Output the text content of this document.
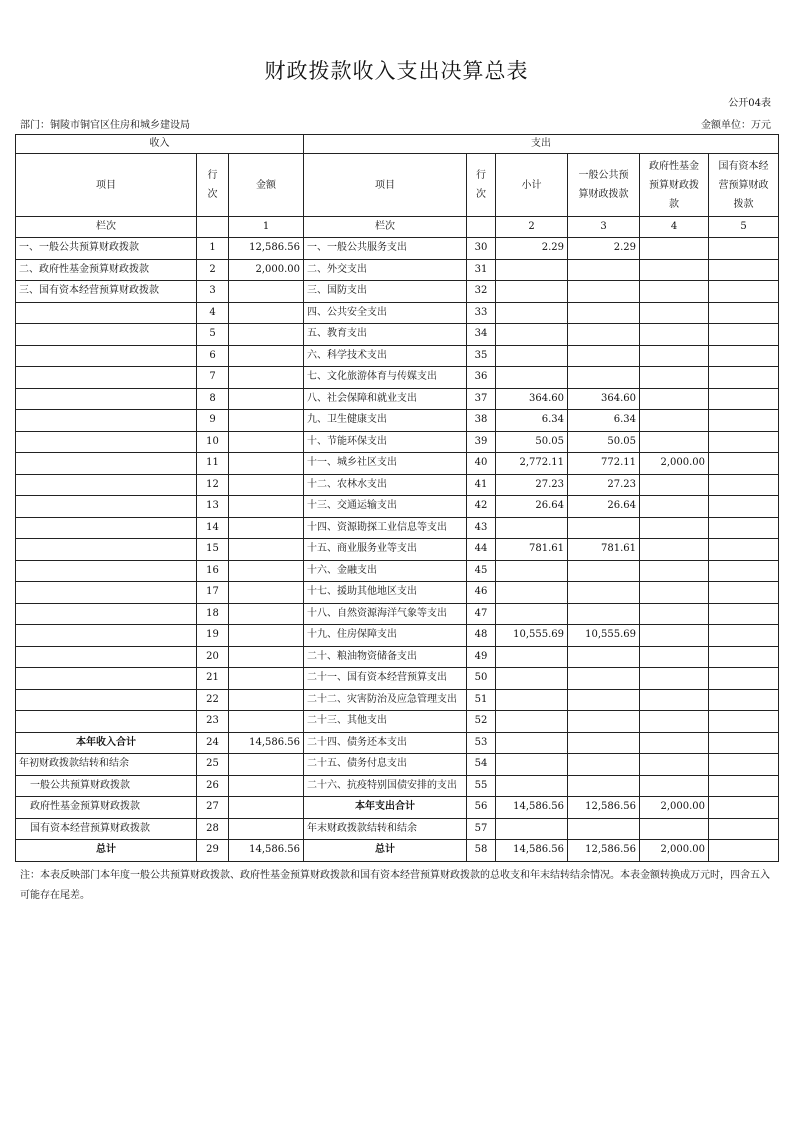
财政拨款收入支出决算总表
公开04表
部门：铜陵市铜官区住房和城乡建设局	金额单位：万元
收入			支出					
项目	行次	金额	项目	行次	小计	一般公共预算财政拨款	政府性基金预算财政拨款	国有资本经营预算财政拨款
栏次		1	栏次		2	3	4	5
一、一般公共预算财政拨款	1	12,586.56	一、一般公共服务支出	30	2.29	2.29		
二、政府性基金预算财政拨款	2	2,000.00	二、外交支出	31				
三、国有资本经营预算财政拨款	3		三、国防支出	32				
	4		四、公共安全支出	33				
	5		五、教育支出	34				
	6		六、科学技术支出	35				
	7		七、文化旅游体育与传媒支出	36				
	8		八、社会保障和就业支出	37	364.60	364.60		
	9		九、卫生健康支出	38	6.34	6.34		
	10		十、节能环保支出	39	50.05	50.05		
	11		十一、城乡社区支出	40	2,772.11	772.11	2,000.00	
	12		十二、农林水支出	41	27.23	27.23		
	13		十三、交通运输支出	42	26.64	26.64		
	14		十四、资源勘探工业信息等支出	43				
	15		十五、商业服务业等支出	44	781.61	781.61		
	16		十六、金融支出	45				
	17		十七、援助其他地区支出	46				
	18		十八、自然资源海洋气象等支出	47				
	19		十九、住房保障支出	48	10,555.69	10,555.69		
	20		二十、粮油物资储备支出	49				
	21		二十一、国有资本经营预算支出	50				
	22		二十二、灾害防治及应急管理支出	51				
	23		二十三、其他支出	52				
本年收入合计	24	14,586.56	二十四、债务还本支出	53				
年初财政拨款结转和结余	25		二十五、债务付息支出	54				
一般公共预算财政拨款	26		二十六、抗疫特别国债安排的支出	55				
政府性基金预算财政拨款	27		本年支出合计	56	14,586.56	12,586.56	2,000.00	
国有资本经营预算财政拨款	28		年末财政拨款结转和结余	57				
总计	29	14,586.56	总计	58	14,586.56	12,586.56	2,000.00	
注：本表反映部门本年度一般公共预算财政拨款、政府性基金预算财政拨款和国有资本经营预算财政拨款的总收支和年末结转结余情况。本表金额转换成万元时，四舍五入可能存在尾差。
